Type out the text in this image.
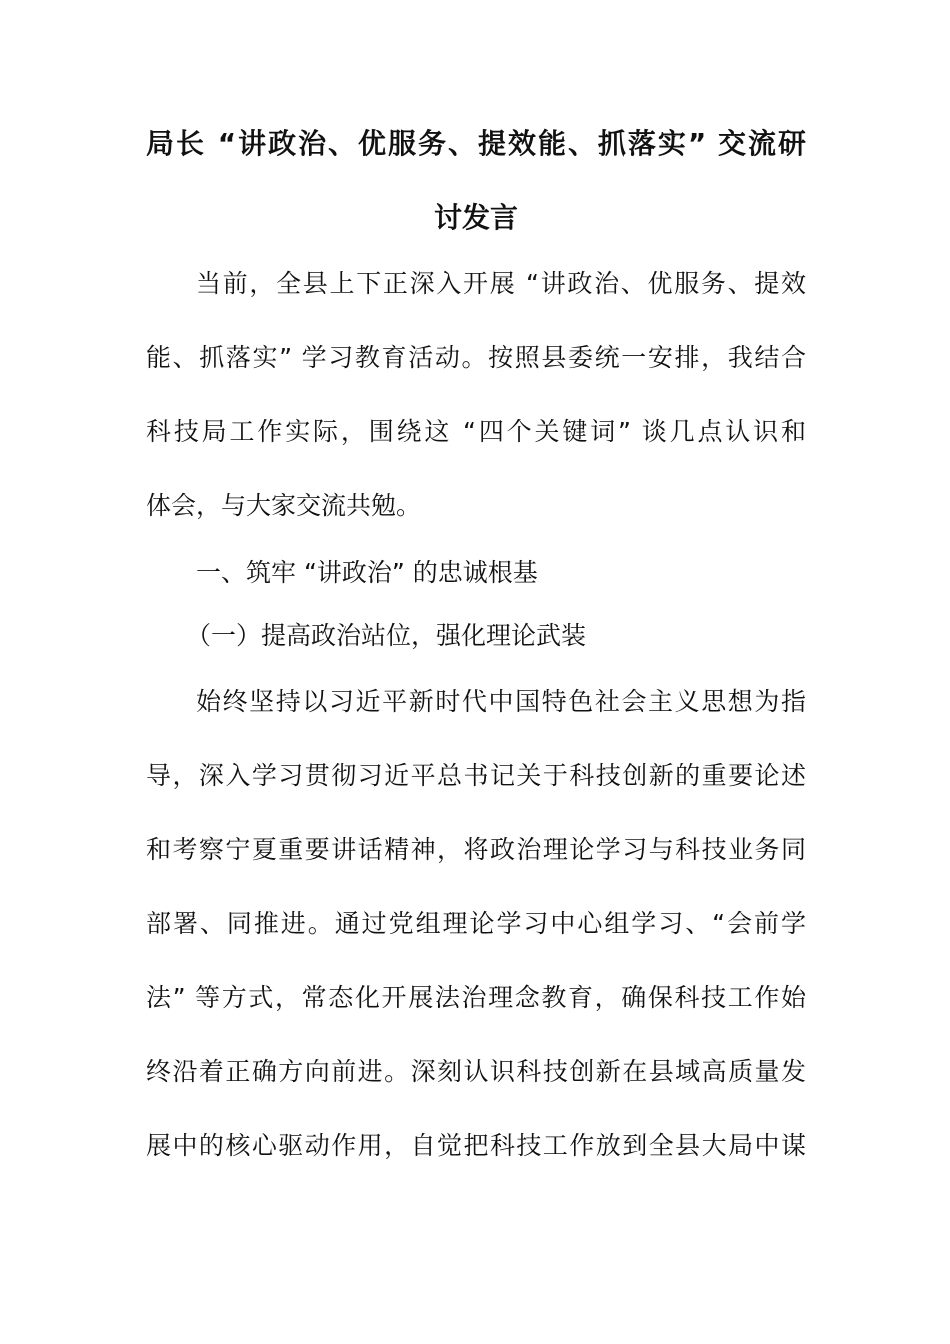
局长 “讲政治、优服务、提效能、抓落实” 交流研
讨发言
当前，全县上下正深入开展 “讲政治、优服务、提效
能、抓落实” 学习教育活动。按照县委统一安排，我结合
科技局工作实际，围绕这 “四个关键词” 谈几点认识和
体会，与大家交流共勉。
一、筑牢 “讲政治” 的忠诚根基
（一）提高政治站位，强化理论武装
始终坚持以习近平新时代中国特色社会主义思想为指
导，深入学习贯彻习近平总书记关于科技创新的重要论述
和考察宁夏重要讲话精神，将政治理论学习与科技业务同
部署、同推进。通过党组理论学习中心组学习、“会前学
法” 等方式，常态化开展法治理念教育，确保科技工作始
终沿着正确方向前进。深刻认识科技创新在县域高质量发
展中的核心驱动作用，自觉把科技工作放到全县大局中谋
